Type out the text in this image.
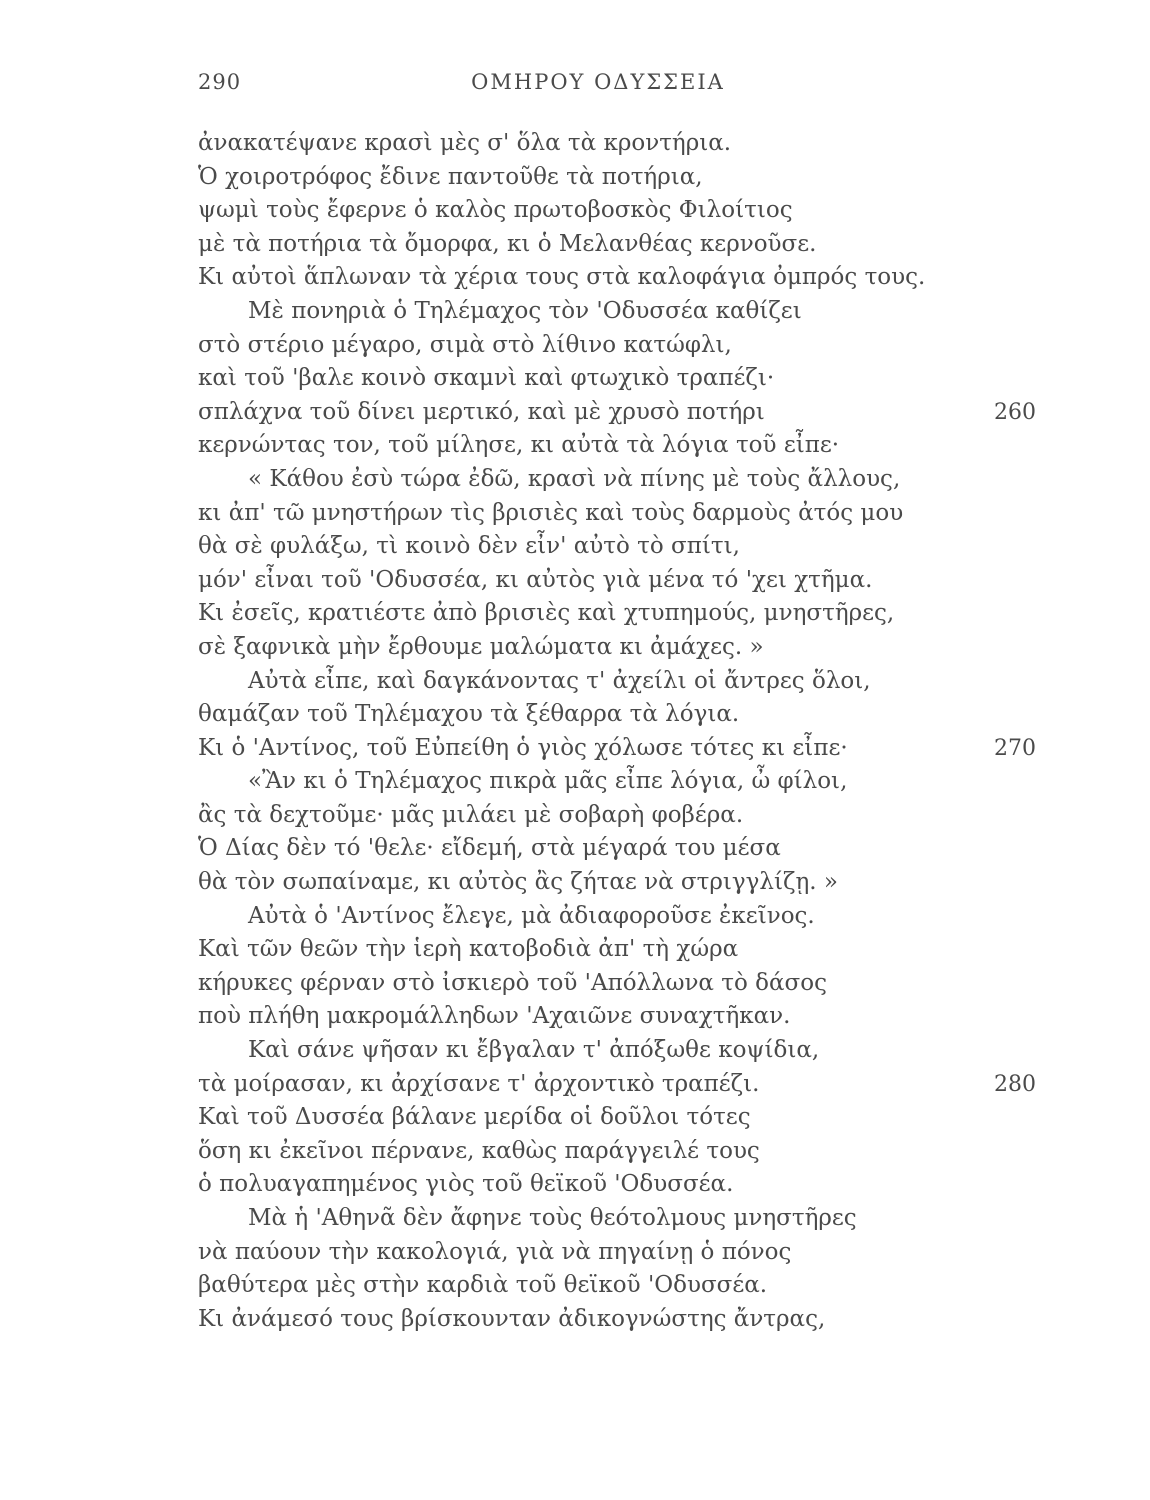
290	ΟΜΗΡΟΥ ΟΔΥΣΣΕΙΑ
ἀνακατέψανε κρασὶ μὲς σ' ὅλα τὰ κροντήρια.
Ὁ χοιροτρόφος ἔδινε παντοῦθε τὰ ποτήρια,
ψωμὶ τοὺς ἔφερνε ὁ καλὸς πρωτοβοσκὸς Φιλοίτιος
μὲ τὰ ποτήρια τὰ ὄμορφα, κι ὁ Μελανθέας κερνοῦσε.
Κι αὐτοὶ ἅπλωναν τὰ χέρια τους στὰ καλοφάγια ὀμπρός τους.
Μὲ πονηριὰ ὁ Τηλέμαχος τὸν 'Οδυσσέα καθίζει
στὸ στέριο μέγαρο, σιμὰ στὸ λίθινο κατώφλι,
καὶ τοῦ 'βαλε κοινὸ σκαμνὶ καὶ φτωχικὸ τραπέζι·
σπλάχνα τοῦ δίνει μερτικό, καὶ μὲ χρυσὸ ποτήρι	260
κερνώντας τον, τοῦ μίλησε, κι αὐτὰ τὰ λόγια τοῦ εἶπε·
« Κάθου ἐσὺ τώρα ἐδῶ, κρασὶ νὰ πίνης μὲ τοὺς ἄλλους,
κι ἀπ' τῶ μνηστήρων τὶς βρισιὲς καὶ τοὺς δαρμοὺς ἀτός μου
θὰ σὲ φυλάξω, τὶ κοινὸ δὲν εἶν' αὐτὸ τὸ σπίτι,
μόν' εἶναι τοῦ 'Οδυσσέα, κι αὐτὸς γιὰ μένα τό 'χει χτῆμα.
Κι ἐσεῖς, κρατιέστε ἀπὸ βρισιὲς καὶ χτυπημούς, μνηστῆρες,
σὲ ξαφνικὰ μὴν ἔρθουμε μαλώματα κι ἀμάχες. »
Αὐτὰ εἶπε, καὶ δαγκάνοντας τ' ἀχείλι οἱ ἄντρες ὅλοι,
θαμάζαν τοῦ Τηλέμαχου τὰ ξέθαρρα τὰ λόγια.
Κι ὁ 'Αντίνος, τοῦ Εὐπείθη ὁ γιὸς χόλωσε τότες κι εἶπε·	270
«Ἂν κι ὁ Τηλέμαχος πικρὰ μᾶς εἶπε λόγια, ὦ φίλοι,
ἂς τὰ δεχτοῦμε· μᾶς μιλάει μὲ σοβαρὴ φοβέρα.
Ὁ Δίας δὲν τό 'θελε· εἴδεμή, στὰ μέγαρά του μέσα
θὰ τὸν σωπαίναμε, κι αὐτὸς ἂς ζήταε νὰ στριγγλίζῃ. »
Αὐτὰ ὁ 'Αντίνος ἔλεγε, μὰ ἀδιαφοροῦσε ἐκεῖνος.
Καὶ τῶν θεῶν τὴν ἱερὴ κατοβοδιὰ ἀπ' τὴ χώρα
κήρυκες φέρναν στὸ ἰσκιερὸ τοῦ 'Απόλλωνα τὸ δάσος
ποὺ πλήθη μακρομάλληδων 'Αχαιῶνε συναχτῆκαν.
Καὶ σάνε ψῆσαν κι ἔβγαλαν τ' ἀπόξωθε κοψίδια,
τὰ μοίρασαν, κι ἀρχίσανε τ' ἀρχοντικὸ τραπέζι.	280
Καὶ τοῦ Δυσσέα βάλανε μερίδα οἱ δοῦλοι τότες
ὅση κι ἐκεῖνοι πέρνανε, καθὼς παράγγειλέ τους
ὁ πολυαγαπημένος γιὸς τοῦ θεϊκοῦ 'Οδυσσέα.
Μὰ ἡ 'Αθηνᾶ δὲν ἄφηνε τοὺς θεότολμους μνηστῆρες
νὰ παύουν τὴν κακολογιά, γιὰ νὰ πηγαίνῃ ὁ πόνος
βαθύτερα μὲς στὴν καρδιὰ τοῦ θεϊκοῦ 'Οδυσσέα.
Κι ἀνάμεσό τους βρίσκουνταν ἀδικογνώστης ἄντρας,
